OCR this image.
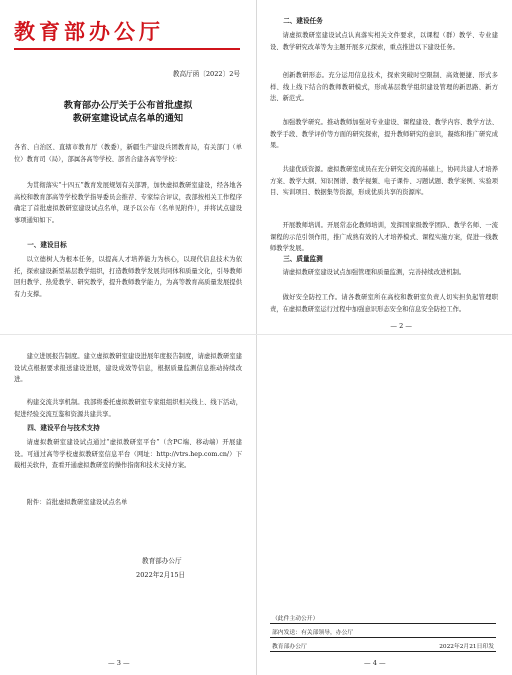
教育部办公厅
教高厅函〔2022〕2号
教育部办公厅关于公布首批虚拟
教研室建设试点名单的通知
各省、自治区、直辖市教育厅（教委），新疆生产建设兵团教育局，有关部门（单位）教育司（局），部属各高等学校、部省合建各高等学校：
为贯彻落实“十四五”教育发展规划有关部署，加快虚拟教研室建设，经各地各高校和教育部高等学校教学指导委员会推荐、专家综合评议，我部按相关工作程序确定了首批虚拟教研室建设试点名单，现予以公布（名单见附件），并将试点建设事项通知如下。
一、建设目标
以立德树人为根本任务，以提高人才培养能力为核心，以现代信息技术为依托，探索建设新型基层教学组织，打造教师教学发展共同体和质量文化，引导教师回归教学、热爱教学、研究教学，提升教师教学能力，为高等教育高质量发展提供有力支撑。
二、建设任务
请虚拟教研室建设试点认真落实相关文件要求，以课程（群）教学、专业建设、教学研究改革等为主题开展多元探索，重点推进以下建设任务。
创新教研形态。充分运用信息技术，探索突破时空限制、高效便捷、形式多样、线上线下结合的教师教研模式，形成基层教学组织建设管理的新思路、新方法、新范式。
加强教学研究。推动教师加强对专业建设、课程建设、教学内容、教学方法、教学手段、教学评价等方面的研究探索，提升教师研究的意识，凝练和推广研究成果。
共建优质资源。虚拟教研室成员在充分研究交流的基础上，协同共建人才培养方案、教学大纲、知识图谱、教学视频、电子课件、习题试题、教学案例、实验项目、实训项目、数据集等资源，形成优质共享的资源库。
开展教师培训。开展常态化教师培训，发挥国家级教学团队、教学名师、一流课程的示范引领作用，推广成熟有效的人才培养模式、课程实施方案，促进一线教师教学发展。
三、质量监测
请虚拟教研室建设试点加强管理和质量监测，完善持续改进机制。
做好安全防控工作。请各教研室所在高校和教研室负责人切实担负起管理职责，在虚拟教研室运行过程中加强意识形态安全和信息安全防控工作。
— 2 —
建立进展报告制度。建立虚拟教研室建设进展年度报告制度，请虚拟教研室建设试点根据要求报送建设进展，建设成效等信息，根据质量监测信息推动持续改进。
构建交流共享机制。我部将委托虚拟教研室专家组组织相关线上、线下活动，促进经验交流互鉴和资源共建共享。
四、建设平台与技术支持
请虚拟教研室建设试点通过“虚拟教研室平台”（含PC端、移动端）开展建设。可通过高等学校虚拟教研室信息平台（网址：http://vtrs.hep.com.cn/）下载相关软件，查看开通虚拟教研室的操作指南和技术支持方案。
附件：首批虚拟教研室建设试点名单
教育部办公厅
2022年2月15日
— 3 —
（此件主动公开）
部内发送：有关部领导，办公厅
教育部办公厅	2022年2月21日印发
— 4 —
